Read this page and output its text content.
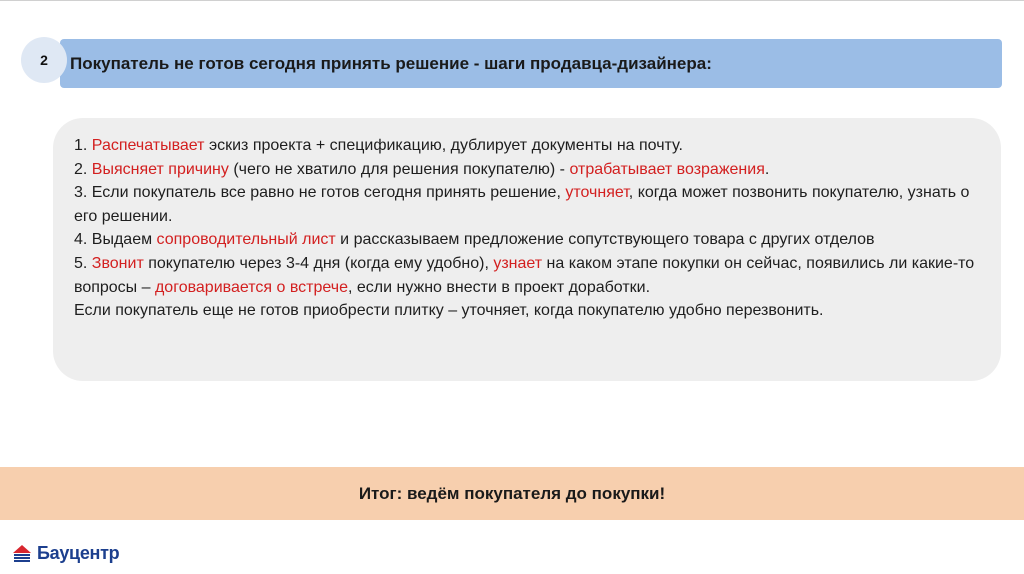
Покупатель не готов сегодня принять решение - шаги продавца-дизайнера:
2

1. Распечатывает эскиз проекта + спецификацию, дублирует документы на почту.

2. Выясняет причину (чего не хватило для решения покупателю) - отрабатывает возражения.

3. Если покупатель все равно не готов сегодня принять решение, уточняет, когда может позвонить покупателю, узнать о его решении.

4. Выдаем сопроводительный лист и рассказываем предложение сопутствующего товара с других отделов

5. Звонит покупателю через 3-4 дня (когда ему удобно), узнает на каком этапе покупки он сейчас, появились ли какие-то вопросы – договаривается о встрече, если нужно внести в проект доработки.

Если покупатель еще не готов приобрести плитку – уточняет, когда покупателю удобно перезвонить.

Итог: ведём покупателя до покупки!
Бауцентр
